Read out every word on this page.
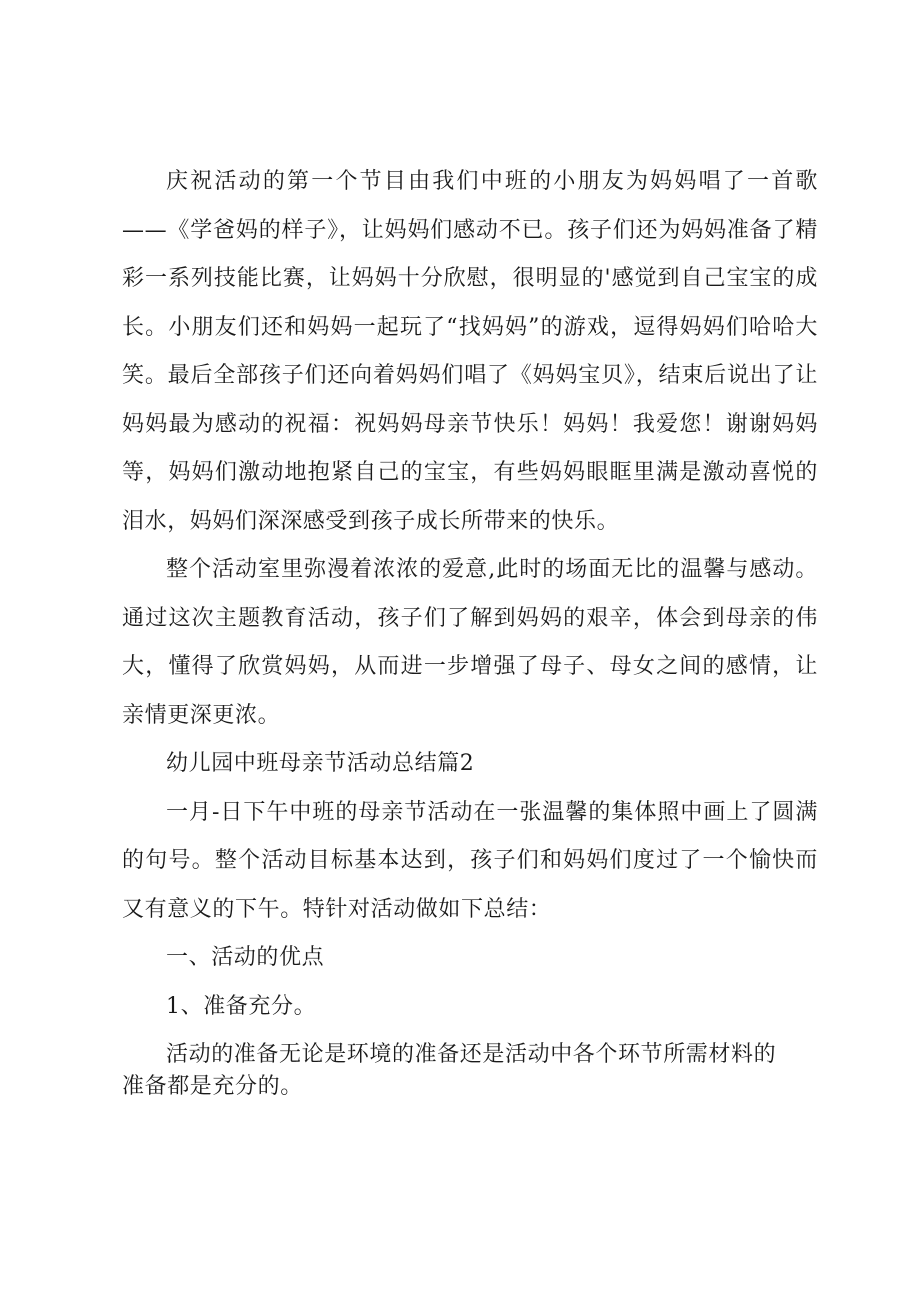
庆祝活动的第一个节目由我们中班的小朋友为妈妈唱了一首歌——《学爸妈的样子》，让妈妈们感动不已。孩子们还为妈妈准备了精彩一系列技能比赛，让妈妈十分欣慰，很明显的'感觉到自己宝宝的成长。小朋友们还和妈妈一起玩了“找妈妈”的游戏，逗得妈妈们哈哈大笑。最后全部孩子们还向着妈妈们唱了《妈妈宝贝》，结束后说出了让妈妈最为感动的祝福：祝妈妈母亲节快乐！妈妈！我爱您！谢谢妈妈等，妈妈们激动地抱紧自己的宝宝，有些妈妈眼眶里满是激动喜悦的泪水，妈妈们深深感受到孩子成长所带来的快乐。

整个活动室里弥漫着浓浓的爱意,此时的场面无比的温馨与感动。通过这次主题教育活动，孩子们了解到妈妈的艰辛，体会到母亲的伟大，懂得了欣赏妈妈，从而进一步增强了母子、母女之间的感情，让亲情更深更浓。

幼儿园中班母亲节活动总结篇2

一月-日下午中班的母亲节活动在一张温馨的集体照中画上了圆满的句号。整个活动目标基本达到，孩子们和妈妈们度过了一个愉快而又有意义的下午。特针对活动做如下总结：

一、活动的优点

1、准备充分。

活动的准备无论是环境的准备还是活动中各个环节所需材料的准备都是充分的。
